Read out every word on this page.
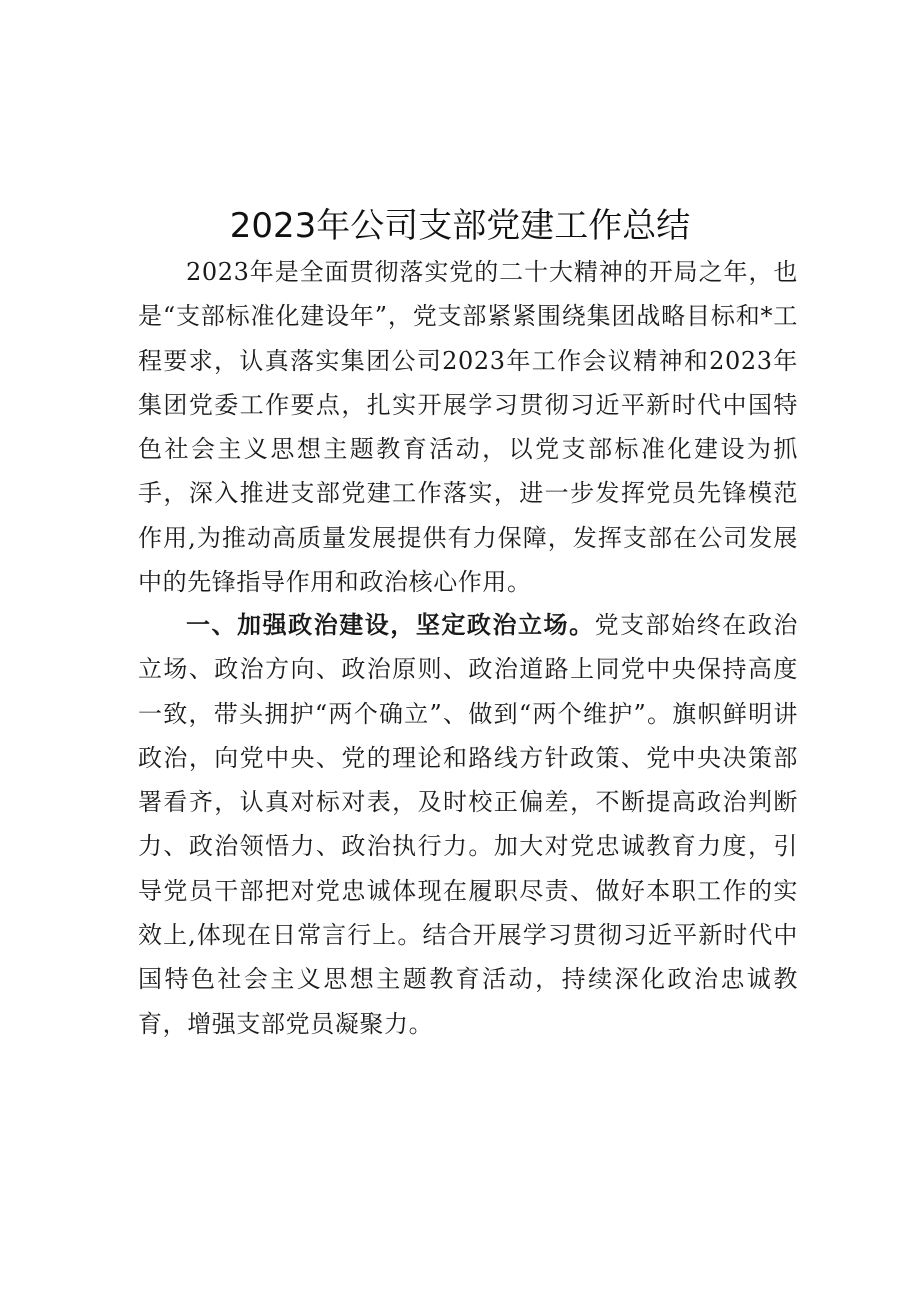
2023年公司支部党建工作总结

2023年是全面贯彻落实党的二十大精神的开局之年，也是“支部标准化建设年”，党支部紧紧围绕集团战略目标和*工程要求，认真落实集团公司2023年工作会议精神和2023年集团党委工作要点，扎实开展学习贯彻习近平新时代中国特色社会主义思想主题教育活动，以党支部标准化建设为抓手，深入推进支部党建工作落实，进一步发挥党员先锋模范作用,为推动高质量发展提供有力保障，发挥支部在公司发展中的先锋指导作用和政治核心作用。

一、加强政治建设，坚定政治立场。党支部始终在政治立场、政治方向、政治原则、政治道路上同党中央保持高度一致，带头拥护“两个确立”、做到“两个维护”。旗帜鲜明讲政治，向党中央、党的理论和路线方针政策、党中央决策部署看齐，认真对标对表，及时校正偏差，不断提高政治判断力、政治领悟力、政治执行力。加大对党忠诚教育力度，引导党员干部把对党忠诚体现在履职尽责、做好本职工作的实效上,体现在日常言行上。结合开展学习贯彻习近平新时代中国特色社会主义思想主题教育活动，持续深化政治忠诚教育，增强支部党员凝聚力。
